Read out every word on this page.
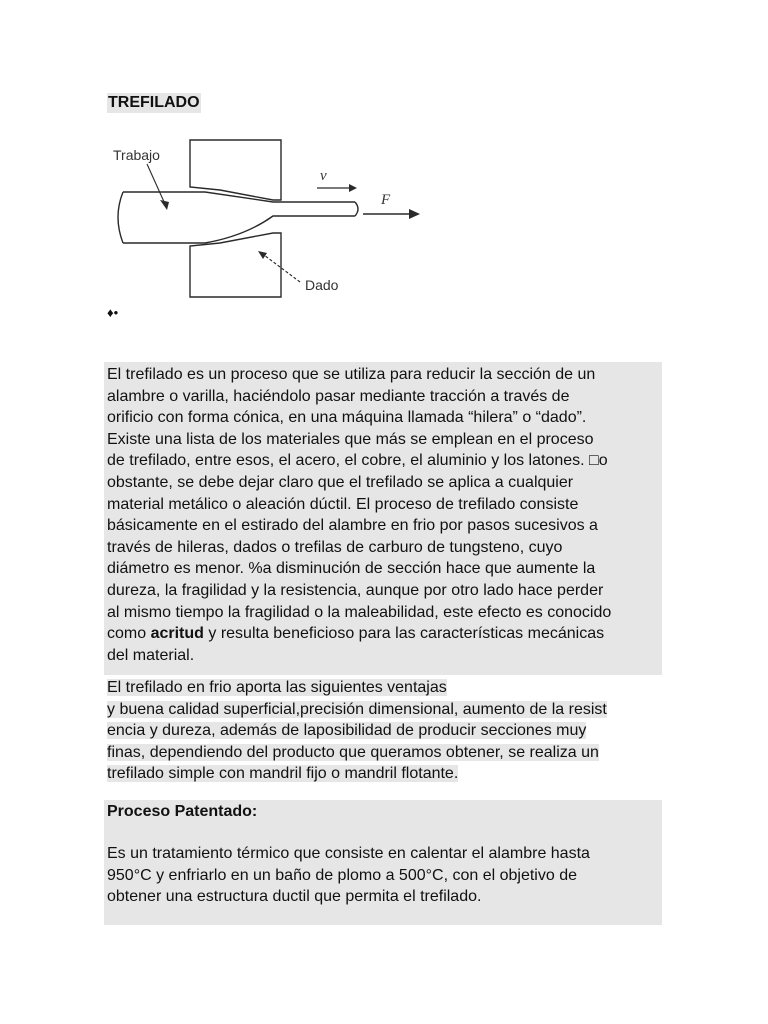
TREFILADO
Trabajo
Dado
v
F
♦•
El trefilado es un proceso que se utiliza para reducir la sección de un
alambre o varilla, haciéndolo pasar mediante tracción a través de
orificio con forma cónica, en una máquina llamada “hilera” o “dado”.
Existe una lista de los materiales que más se emplean en el proceso
de trefilado, entre esos, el acero, el cobre, el aluminio y los latones. □o
obstante, se debe dejar claro que el trefilado se aplica a cualquier
material metálico o aleación dúctil. El proceso de trefilado consiste
básicamente en el estirado del alambre en frio por pasos sucesivos a
través de hileras, dados o trefilas de carburo de tungsteno, cuyo
diámetro es menor. %a disminución de sección hace que aumente la
dureza, la fragilidad y la resistencia, aunque por otro lado hace perder
al mismo tiempo la fragilidad o la maleabilidad, este efecto es conocido
como acritud y resulta beneficioso para las características mecánicas
del material.
El trefilado en frio aporta las siguientes ventajas
y buena calidad superficial,precisión dimensional, aumento de la resist
encia y dureza, además de laposibilidad de producir secciones muy
finas, dependiendo del producto que queramos obtener, se realiza un
trefilado simple con mandril fijo o mandril flotante.
Proceso Patentado:
Es un tratamiento térmico que consiste en calentar el alambre hasta
950°C y enfriarlo en un baño de plomo a 500°C, con el objetivo de
obtener una estructura ductil que permita el trefilado.
